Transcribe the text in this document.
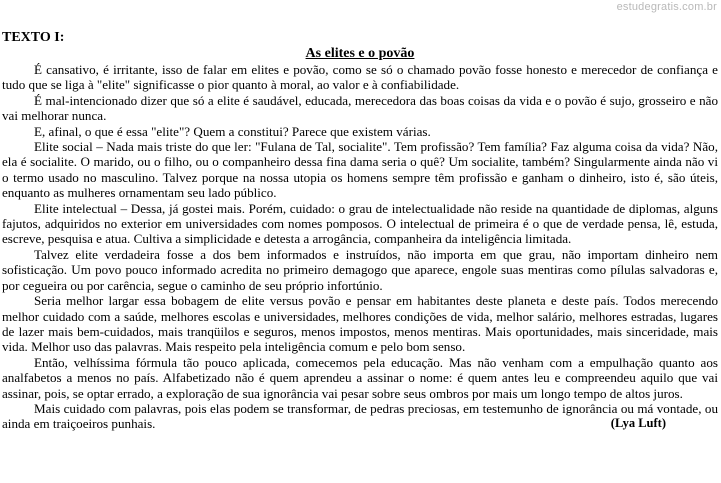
estudegratis.com.br
TEXTO I:
As elites e o povão

É cansativo, é irritante, isso de falar em elites e povão, como se só o chamado povão fosse honesto e merecedor de confiança e tudo que se liga à "elite" significasse o pior quanto à moral, ao valor e à confiabilidade.

É mal-intencionado dizer que só a elite é saudável, educada, merecedora das boas coisas da vida e o povão é sujo, grosseiro e não vai melhorar nunca.

E, afinal, o que é essa "elite"? Quem a constitui? Parece que existem várias.

Elite social – Nada mais triste do que ler: "Fulana de Tal, socialite". Tem profissão? Tem família? Faz alguma coisa da vida? Não, ela é socialite. O marido, ou o filho, ou o companheiro dessa fina dama seria o quê? Um socialite, também? Singularmente ainda não vi o termo usado no masculino. Talvez porque na nossa utopia os homens sempre têm profissão e ganham o dinheiro, isto é, são úteis, enquanto as mulheres ornamentam seu lado público.

Elite intelectual – Dessa, já gostei mais. Porém, cuidado: o grau de intelectualidade não reside na quantidade de diplomas, alguns fajutos, adquiridos no exterior em universidades com nomes pomposos. O intelectual de primeira é o que de verdade pensa, lê, estuda, escreve, pesquisa e atua. Cultiva a simplicidade e detesta a arrogância, companheira da inteligência limitada.

Talvez elite verdadeira fosse a dos bem informados e instruídos, não importa em que grau, não importam dinheiro nem sofisticação. Um povo pouco informado acredita no primeiro demagogo que aparece, engole suas mentiras como pílulas salvadoras e, por cegueira ou por carência, segue o caminho de seu próprio infortúnio.

Seria melhor largar essa bobagem de elite versus povão e pensar em habitantes deste planeta e deste país. Todos merecendo melhor cuidado com a saúde, melhores escolas e universidades, melhores condições de vida, melhor salário, melhores estradas, lugares de lazer mais bem-cuidados, mais tranqüilos e seguros, menos impostos, menos mentiras. Mais oportunidades, mais sinceridade, mais vida. Melhor uso das palavras. Mais respeito pela inteligência comum e pelo bom senso.

Então, velhíssima fórmula tão pouco aplicada, comecemos pela educação. Mas não venham com a empulhação quanto aos analfabetos a menos no país. Alfabetizado não é quem aprendeu a assinar o nome: é quem antes leu e compreendeu aquilo que vai assinar, pois, se optar errado, a exploração de sua ignorância vai pesar sobre seus ombros por mais um longo tempo de altos juros.

Mais cuidado com palavras, pois elas podem se transformar, de pedras preciosas, em testemunho de ignorância ou má vontade, ou ainda em traiçoeiros punhais.	(Lya Luft)
